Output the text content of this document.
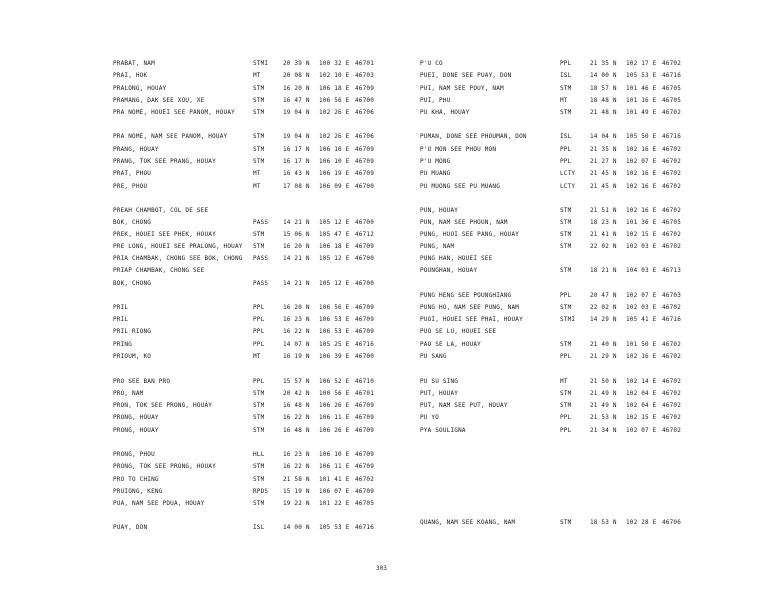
PRABAT, NAM	STMI 20 39 N 100 32 E 46701
PRAI, HOK	MT	20 08 N 102 10 E 46703
PRALONG, HOUAY	STM	16 20 N 106 18 E 46709
PRAMANG, DAK SEE XOU, XE	STM	16 47 N 106 56 E 46700
PRA NOME, HOUEI SEE PANOM, HOUAY	STM	19 04 N 102 26 E 46706
PRA NOME, NAM SEE PANOM, HOUAY	STM	19 04 N 102 26 E 46706
PRANG, HOUAY	STM	16 17 N 106 10 E 46709
PRANG, TOK SEE PRANG, HOUAY	STM	16 17 N 106 10 E 46709
PRAT, PHOU	MT	16 43 N 106 19 E 46709
PRE, PHOU	MT	17 08 N 106 09 E 46700
PREAH CHAMBOT, COL DE SEE
BOK, CHONG	PASS 14 21 N 105 12 E 46700
PREK, HOUEI SEE PHEK, HOUAY	STM	15 06 N 105 47 E 46712
PRE LONG, HOUEI SEE PRALONG, HOUAY STM	16 20 N 106 18 E 46709
PRIA CHAMBAK, CHONG SEE BOK, CHONG PASS 14 21 N 105 12 E 46700
PRIAP CHAMBAK, CHONG SEE
BOK, CHONG	PASS 14 21 N 105 12 E 46700
PRIL	PPL	16 20 N 106 56 E 46709
PRIL	PPL	16 23 N 106 53 E 46709
PRIL RIONG	PPL	16 22 N 106 53 E 46709
PRING	PPL	14 07 N 105 25 E 46716
PRIOUM, KO	MT	16 19 N 106 39 E 46700
PRO SEE BAN PRO	PPL	15 57 N 106 52 E 46710
PRO, NAM	STM	20 42 N 100 56 E 46701
PRON, TOK SEE PRONG, HOUAY	STM	16 48 N 106 26 E 46709
PRONG, HOUAY	STM	16 22 N 106 11 E 46709
PRONG, HOUAY	STM	16 48 N 106 26 E 46709
PRONG, PHOU	HLL	16 23 N 106 10 E 46709
PRONG, TOK SEE PRONG, HOUAY	STM	16 22 N 106 11 E 46709
PRO TO CHING	STM	21 58 N 101 41 E 46702
PRUIONG, KENG	RPDS 15 19 N 106 07 E 46709
PUA, NAM SEE PDUA, HOUAY	STM	19 22 N 101 22 E 46705
PUAY, DON	ISL	14 00 N 105 53 E 46716
P'U CO	PPL	21 35 N 102 17 E 46702
PUEI, DONE SEE PUAY, DON	ISL	14 00 N 105 53 E 46716
PUI, NAM SEE POUY, NAM	STM	18 57 N 101 46 E 46705
PUI, PHU	MT	18 48 N 101 16 E 46705
PU KHA, HOUAY	STM	21 48 N 101 49 E 46702
PUMAN, DONE SEE PHOUMAN, DON	ISL	14 04 N 105 50 E 46716
P'U MON SEE PHOU MON	PPL	21 35 N 102 16 E 46702
P'U MONG	PPL	21 27 N 102 07 E 46702
PU MUANG	LCTY 21 45 N 102 16 E 46702
PU MUONG SEE PU MUANG	LCTY 21 45 N 102 16 E 46702
PUN, HOUAY	STM	21 51 N 102 16 E 46702
PUN, NAM SEE PHOUN, NAM	STM	18 23 N 101 36 E 46705
PUNG, HUOI SEE PANG, HOUAY	STM	21 41 N 102 15 E 46702
PUNG, NAM	STM	22 02 N 102 03 E 46702
PUNG HAN, HOUEI SEE
POUNGHAN, HOUAY	STM	18 21 N 104 03 E 46713
PUNG HENG SEE POUNGHIANG	PPL	20 47 N 102 07 E 46703
PUNG HO, NAM SEE PUNG, NAM	STM	22 02 N 102 03 E 46702
PUOI, HOUEI SEE PHAI, HOUAY	STMI 14 29 N 105 41 E 46716
PUO SE LU, HOUEI SEE
PAO SE LA, HOUAY	STM	21 40 N 101 50 E 46702
PU SANG	PPL	21 29 N 102 16 E 46702
PU SU SING	MT	21 50 N 102 14 E 46702
PUT, HOUAY	STM	21 49 N 102 04 E 46702
PUT, NAM SEE PUT, HOUAY	STM	21 49 N 102 04 E 46702
PU YO	PPL	21 53 N 102 15 E 46702
PYA SOULIGNA	PPL	21 34 N 102 07 E 46702
QUANG, NAM SEE KOANG, NAM	STM	18 53 N 102 28 E 46706
303
